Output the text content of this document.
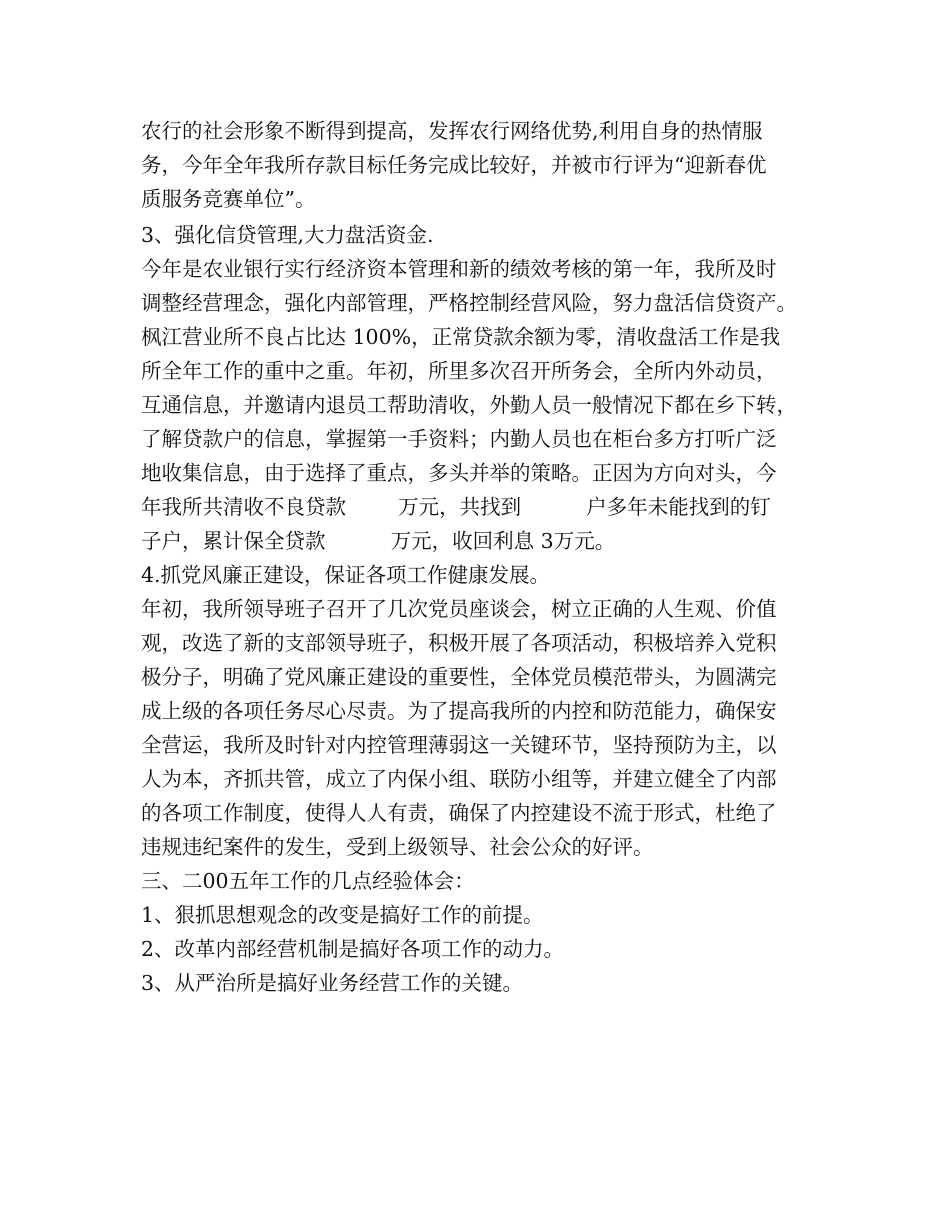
农行的社会形象不断得到提高，发挥农行网络优势,利用自身的热情服
务，今年全年我所存款目标任务完成比较好，并被市行评为“迎新春优
质服务竞赛单位”。
3、强化信贷管理,大力盘活资金.
今年是农业银行实行经济资本管理和新的绩效考核的第一年，我所及时
调整经营理念，强化内部管理，严格控制经营风险，努力盘活信贷资产。
枫江营业所不良占比达 100%，正常贷款余额为零，清收盘活工作是我
所全年工作的重中之重。年初，所里多次召开所务会，全所内外动员，
互通信息，并邀请内退员工帮助清收，外勤人员一般情况下都在乡下转，
了解贷款户的信息，掌握第一手资料；内勤人员也在柜台多方打听广泛
地收集信息，由于选择了重点，多头并举的策略。正因为方向对头，今
年我所共清收不良贷款        万元，共找到          户多年未能找到的钉
子户，累计保全贷款          万元，收回利息 3万元。
4.抓党风廉正建设，保证各项工作健康发展。
年初，我所领导班子召开了几次党员座谈会，树立正确的人生观、价值
观，改选了新的支部领导班子，积极开展了各项活动，积极培养入党积
极分子，明确了党风廉正建设的重要性，全体党员模范带头，为圆满完
成上级的各项任务尽心尽责。为了提高我所的内控和防范能力，确保安
全营运，我所及时针对内控管理薄弱这一关键环节，坚持预防为主，以
人为本，齐抓共管，成立了内保小组、联防小组等，并建立健全了内部
的各项工作制度，使得人人有责，确保了内控建设不流于形式，杜绝了
违规违纪案件的发生，受到上级领导、社会公众的好评。
三、二00五年工作的几点经验体会：
1、狠抓思想观念的改变是搞好工作的前提。
2、改革内部经营机制是搞好各项工作的动力。
3、从严治所是搞好业务经营工作的关键。
